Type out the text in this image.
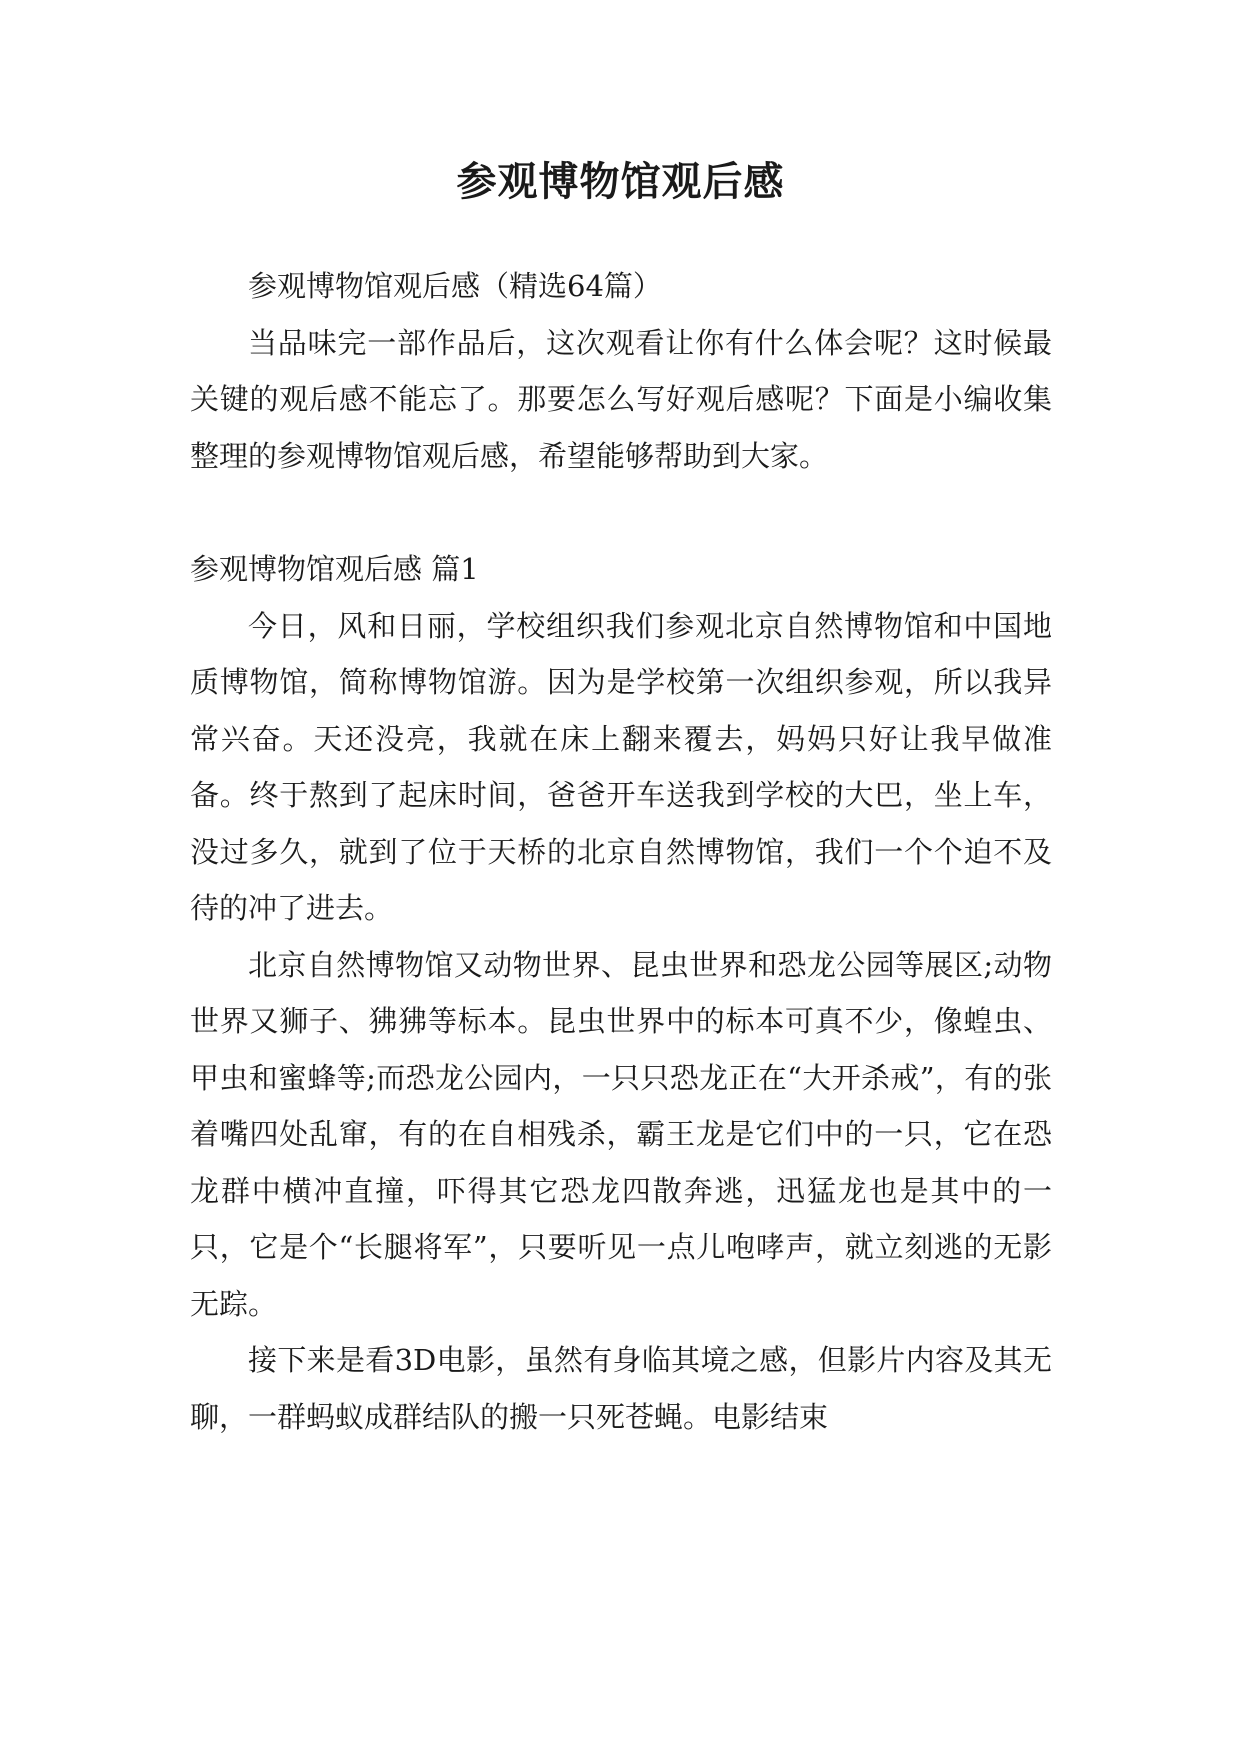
参观博物馆观后感

参观博物馆观后感（精选64篇）

当品味完一部作品后，这次观看让你有什么体会呢？这时候最关键的观后感不能忘了。那要怎么写好观后感呢？下面是小编收集整理的参观博物馆观后感，希望能够帮助到大家。

参观博物馆观后感 篇1

今日，风和日丽，学校组织我们参观北京自然博物馆和中国地质博物馆，简称博物馆游。因为是学校第一次组织参观，所以我异常兴奋。天还没亮，我就在床上翻来覆去，妈妈只好让我早做准备。终于熬到了起床时间，爸爸开车送我到学校的大巴，坐上车，没过多久，就到了位于天桥的北京自然博物馆，我们一个个迫不及待的冲了进去。

北京自然博物馆又动物世界、昆虫世界和恐龙公园等展区;动物世界又狮子、狒狒等标本。昆虫世界中的标本可真不少，像蝗虫、甲虫和蜜蜂等;而恐龙公园内，一只只恐龙正在“大开杀戒”，有的张着嘴四处乱窜，有的在自相残杀，霸王龙是它们中的一只，它在恐龙群中横冲直撞，吓得其它恐龙四散奔逃，迅猛龙也是其中的一只，它是个“长腿将军”，只要听见一点儿咆哮声，就立刻逃的无影无踪。

接下来是看3D电影，虽然有身临其境之感，但影片内容及其无聊，一群蚂蚁成群结队的搬一只死苍蝇。电影结束
